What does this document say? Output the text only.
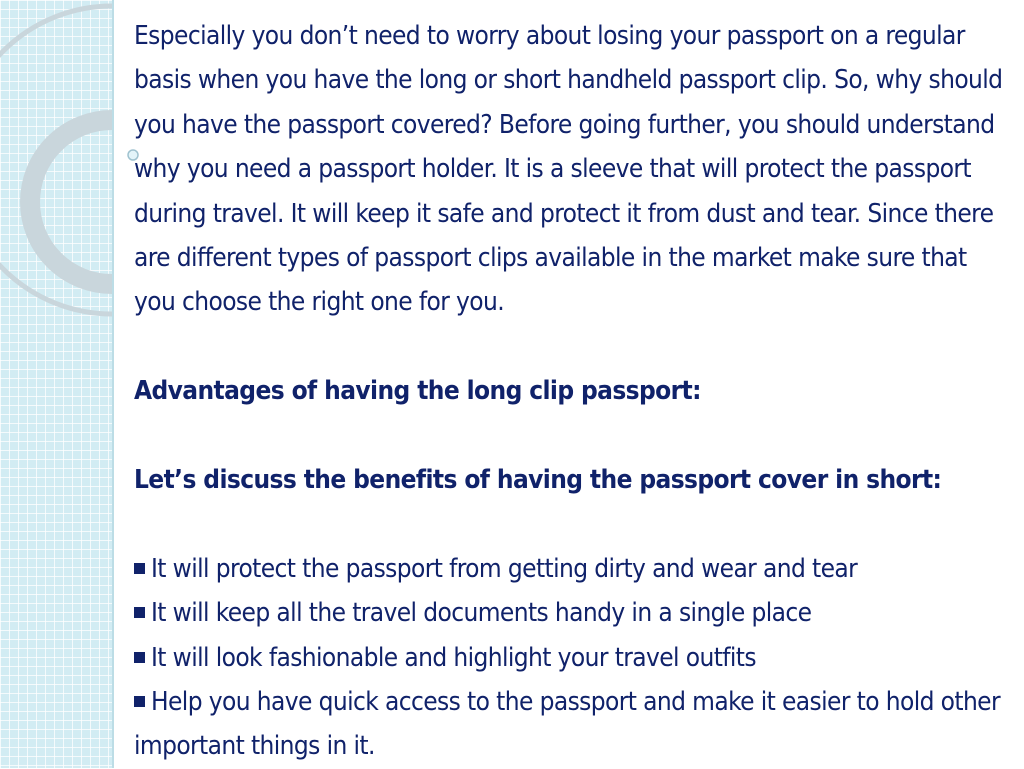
Especially you don’t need to worry about losing your passport on a regular basis when you have the long or short handheld passport clip. So, why should you have the passport covered? Before going further, you should understand why you need a passport holder. It is a sleeve that will protect the passport during travel. It will keep it safe and protect it from dust and tear. Since there are different types of passport clips available in the market make sure that you choose the right one for you.

Advantages of having the long clip passport:

Let’s discuss the benefits of having the passport cover in short:

It will protect the passport from getting dirty and wear and tear
It will keep all the travel documents handy in a single place
It will look fashionable and highlight your travel outfits
Help you have quick access to the passport and make it easier to hold other important things in it.
